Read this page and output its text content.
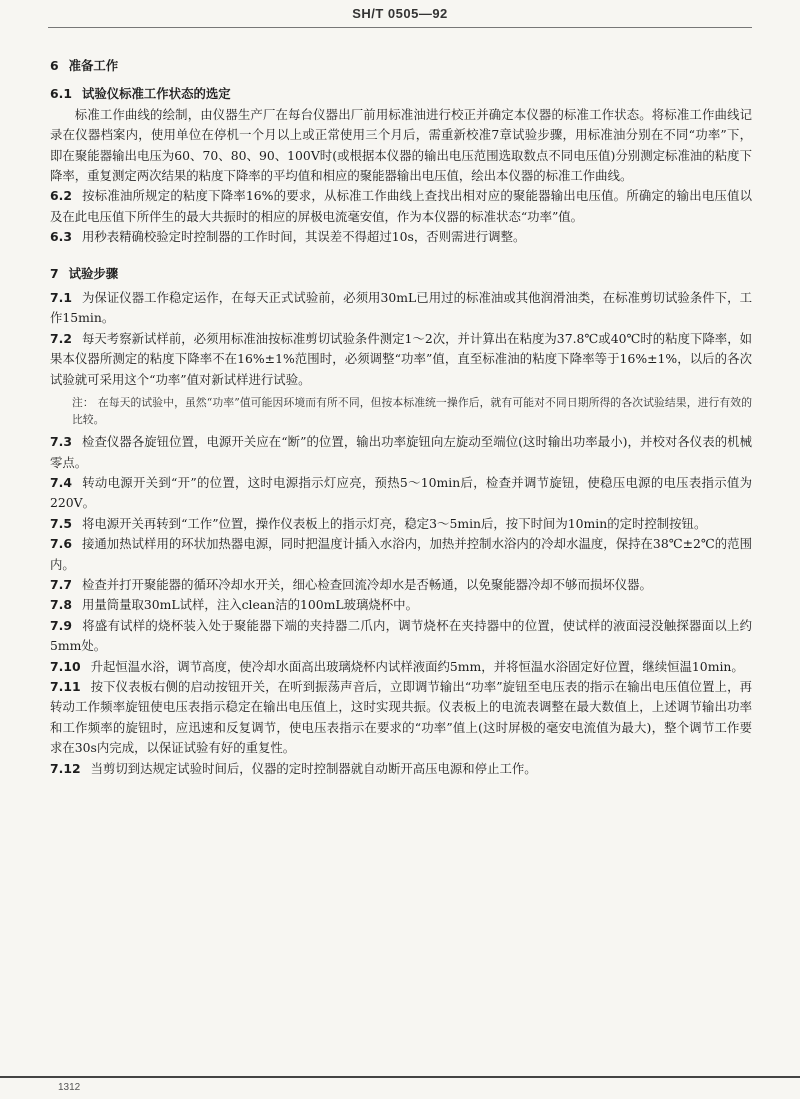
SH/T 0505—92
6 准备工作
6.1 试验仪标准工作状态的选定

标准工作曲线的绘制，由仪器生产厂在每台仪器出厂前用标准油进行校正并确定本仪器的标准工作状态。将标准工作曲线记录在仪器档案内，使用单位在停机一个月以上或正常使用三个月后，需重新校准7章试验步骤，用标准油分别在不同“功率”下，即在聚能器输出电压为60、70、80、90、100V时(或根据本仪器的输出电压范围选取数点不同电压值)分别测定标准油的粘度下降率，重复测定两次结果的粘度下降率的平均值和相应的聚能器输出电压值，绘出本仪器的标准工作曲线。

6.2 按标准油所规定的粘度下降率16%的要求，从标准工作曲线上查找出相对应的聚能器输出电压值。所确定的输出电压值以及在此电压值下所伴生的最大共振时的相应的屏极电流毫安值，作为本仪器的标准状态“功率”值。

6.3 用秒表精确校验定时控制器的工作时间，其误差不得超过10s，否则需进行调整。

7 试验步骤

7.1 为保证仪器工作稳定运作，在每天正式试验前，必须用30mL已用过的标准油或其他润滑油类，在标准剪切试验条件下，工作15min。

7.2 每天考察新试样前，必须用标准油按标准剪切试验条件测定1～2次，并计算出在粘度为37.8℃或40℃时的粘度下降率，如果本仪器所测定的粘度下降率不在16%±1%范围时，必须调整“功率”值，直至标准油的粘度下降率等于16%±1%，以后的各次试验就可采用这个“功率”值对新试样进行试验。

注： 在每天的试验中，虽然“功率”值可能因环境而有所不同，但按本标准统一操作后，就有可能对不同日期所得的各次试验结果，进行有效的比较。

7.3 检查仪器各旋钮位置，电源开关应在“断”的位置，输出功率旋钮向左旋动至端位(这时输出功率最小)，并校对各仪表的机械零点。

7.4 转动电源开关到“开”的位置，这时电源指示灯应亮，预热5～10min后，检查并调节旋钮，使稳压电源的电压表指示值为220V。

7.5 将电源开关再转到“工作”位置，操作仪表板上的指示灯亮，稳定3～5min后，按下时间为10min的定时控制按钮。

7.6 接通加热试样用的环状加热器电源，同时把温度计插入水浴内，加热并控制水浴内的冷却水温度，保持在38℃±2℃的范围内。

7.7 检查并打开聚能器的循环冷却水开关，细心检查回流冷却水是否畅通，以免聚能器冷却不够而损坏仪器。

7.8 用量筒量取30mL试样，注入clean洁的100mL玻璃烧杯中。

7.9 将盛有试样的烧杯装入处于聚能器下端的夹持器二爪内，调节烧杯在夹持器中的位置，使试样的液面浸没触探器面以上约5mm处。

7.10 升起恒温水浴，调节高度，使冷却水面高出玻璃烧杯内试样液面约5mm，并将恒温水浴固定好位置，继续恒温10min。

7.11 按下仪表板右侧的启动按钮开关，在听到振荡声音后，立即调节输出“功率”旋钮至电压表的指示在输出电压值位置上，再转动工作频率旋钮使电压表指示稳定在输出电压值上，这时实现共振。仪表板上的电流表调整在最大数值上，上述调节输出功率和工作频率的旋钮时，应迅速和反复调节，使电压表指示在要求的“功率”值上(这时屏极的毫安电流值为最大)，整个调节工作要求在30s内完成，以保证试验有好的重复性。

7.12 当剪切到达规定试验时间后，仪器的定时控制器就自动断开高压电源和停止工作。

1312
